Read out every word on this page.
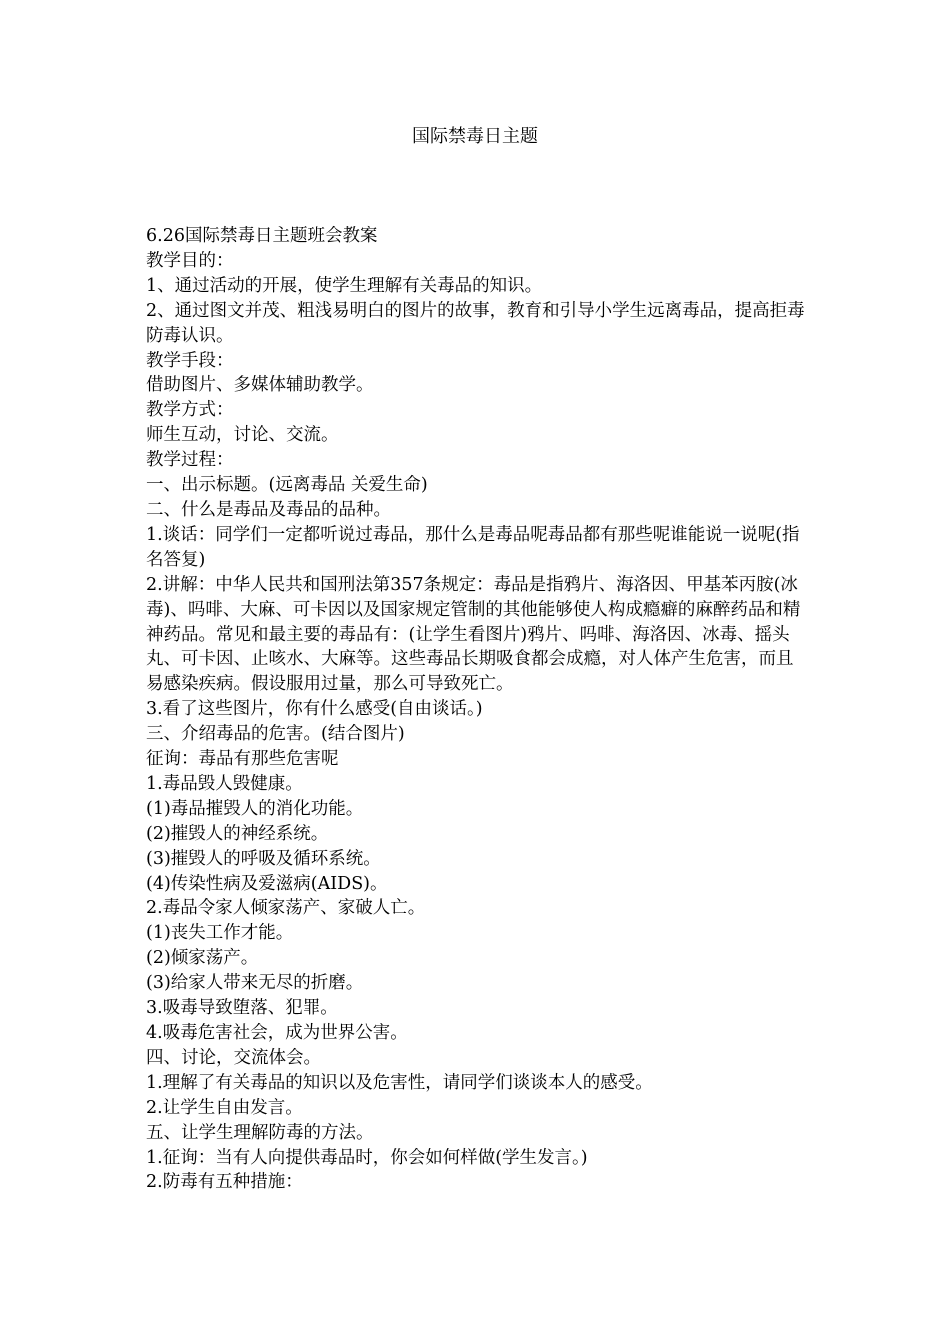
国际禁毒日主题

6.26国际禁毒日主题班会教案

教学目的：

1、通过活动的开展，使学生理解有关毒品的知识。

2、通过图文并茂、粗浅易明白的图片的故事，教育和引导小学生远离毒品，提高拒毒防毒认识。

教学手段：

借助图片、多媒体辅助教学。

教学方式：

师生互动，讨论、交流。

教学过程：

一、出示标题。(远离毒品 关爱生命)

二、什么是毒品及毒品的品种。

1.谈话：同学们一定都听说过毒品，那什么是毒品呢毒品都有那些呢谁能说一说呢(指名答复)

2.讲解：中华人民共和国刑法第357条规定：毒品是指鸦片、海洛因、甲基苯丙胺(冰毒)、吗啡、大麻、可卡因以及国家规定管制的其他能够使人构成瘾癖的麻醉药品和精神药品。常见和最主要的毒品有：(让学生看图片)鸦片、吗啡、海洛因、冰毒、摇头丸、可卡因、止咳水、大麻等。这些毒品长期吸食都会成瘾，对人体产生危害，而且易感染疾病。假设服用过量，那么可导致死亡。

3.看了这些图片，你有什么感受(自由谈话。)

三、介绍毒品的危害。(结合图片)

征询：毒品有那些危害呢

1.毒品毁人毁健康。

(1)毒品摧毁人的消化功能。

(2)摧毁人的神经系统。

(3)摧毁人的呼吸及循环系统。

(4)传染性病及爱滋病(AIDS)。

2.毒品令家人倾家荡产、家破人亡。

(1)丧失工作才能。

(2)倾家荡产。

(3)给家人带来无尽的折磨。

3.吸毒导致堕落、犯罪。

4.吸毒危害社会，成为世界公害。

四、讨论，交流体会。

1.理解了有关毒品的知识以及危害性，请同学们谈谈本人的感受。

2.让学生自由发言。

五、让学生理解防毒的方法。

1.征询：当有人向提供毒品时，你会如何样做(学生发言。)

2.防毒有五种措施：
